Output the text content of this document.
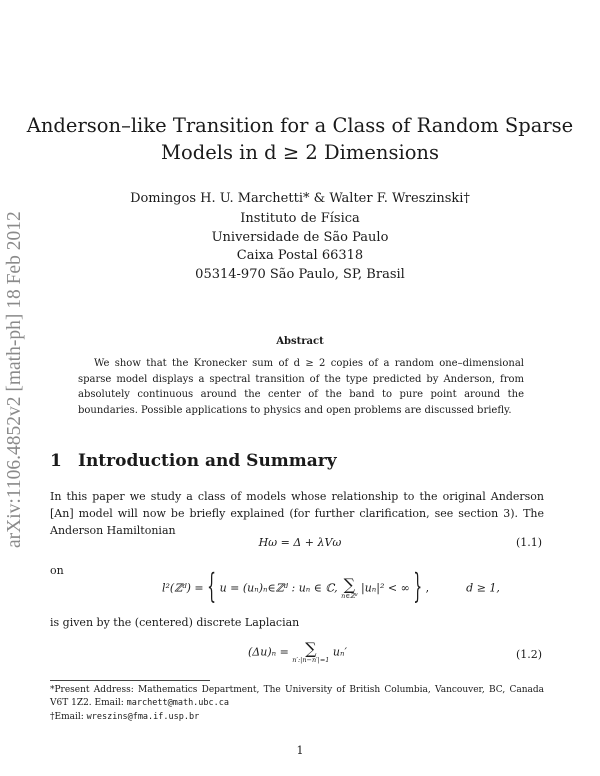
arXiv:1106.4852v2 [math-ph] 18 Feb 2012
Anderson–like Transition for a Class of Random Sparse
Models in d ≥ 2 Dimensions
Domingos H. U. Marchetti* & Walter F. Wreszinski†
Instituto de Física
Universidade de São Paulo
Caixa Postal 66318
05314-970 São Paulo, SP, Brasil
Abstract
We show that the Kronecker sum of d ≥ 2 copies of a random one–dimensional sparse model displays a spectral transition of the type predicted by Anderson, from absolutely continuous around the center of the band to pure point around the boundaries. Possible applications to physics and open problems are discussed briefly.
1 Introduction and Summary
In this paper we study a class of models whose relationship to the original Anderson [An] model will now be briefly explained (for further clarification, see section 3). The Anderson Hamiltonian
Hω = Δ + λVω	(1.1)
on
l²(ℤᵈ) = { u = (uₙ)ₙ∈ℤᵈ : uₙ ∈ ℂ, ∑
n∈ℤᵈ
|uₙ|² < ∞ } ,	d ≥ 1,
is given by the (centered) discrete Laplacian
(Δu)ₙ =	∑
n′:|n−n′|=1
uₙ′	(1.2)
*Present Address: Mathematics Department, The University of British Columbia, Vancouver, BC, Canada V6T 1Z2. Email: marchett@math.ubc.ca
†Email: wreszins@fma.if.usp.br
1
